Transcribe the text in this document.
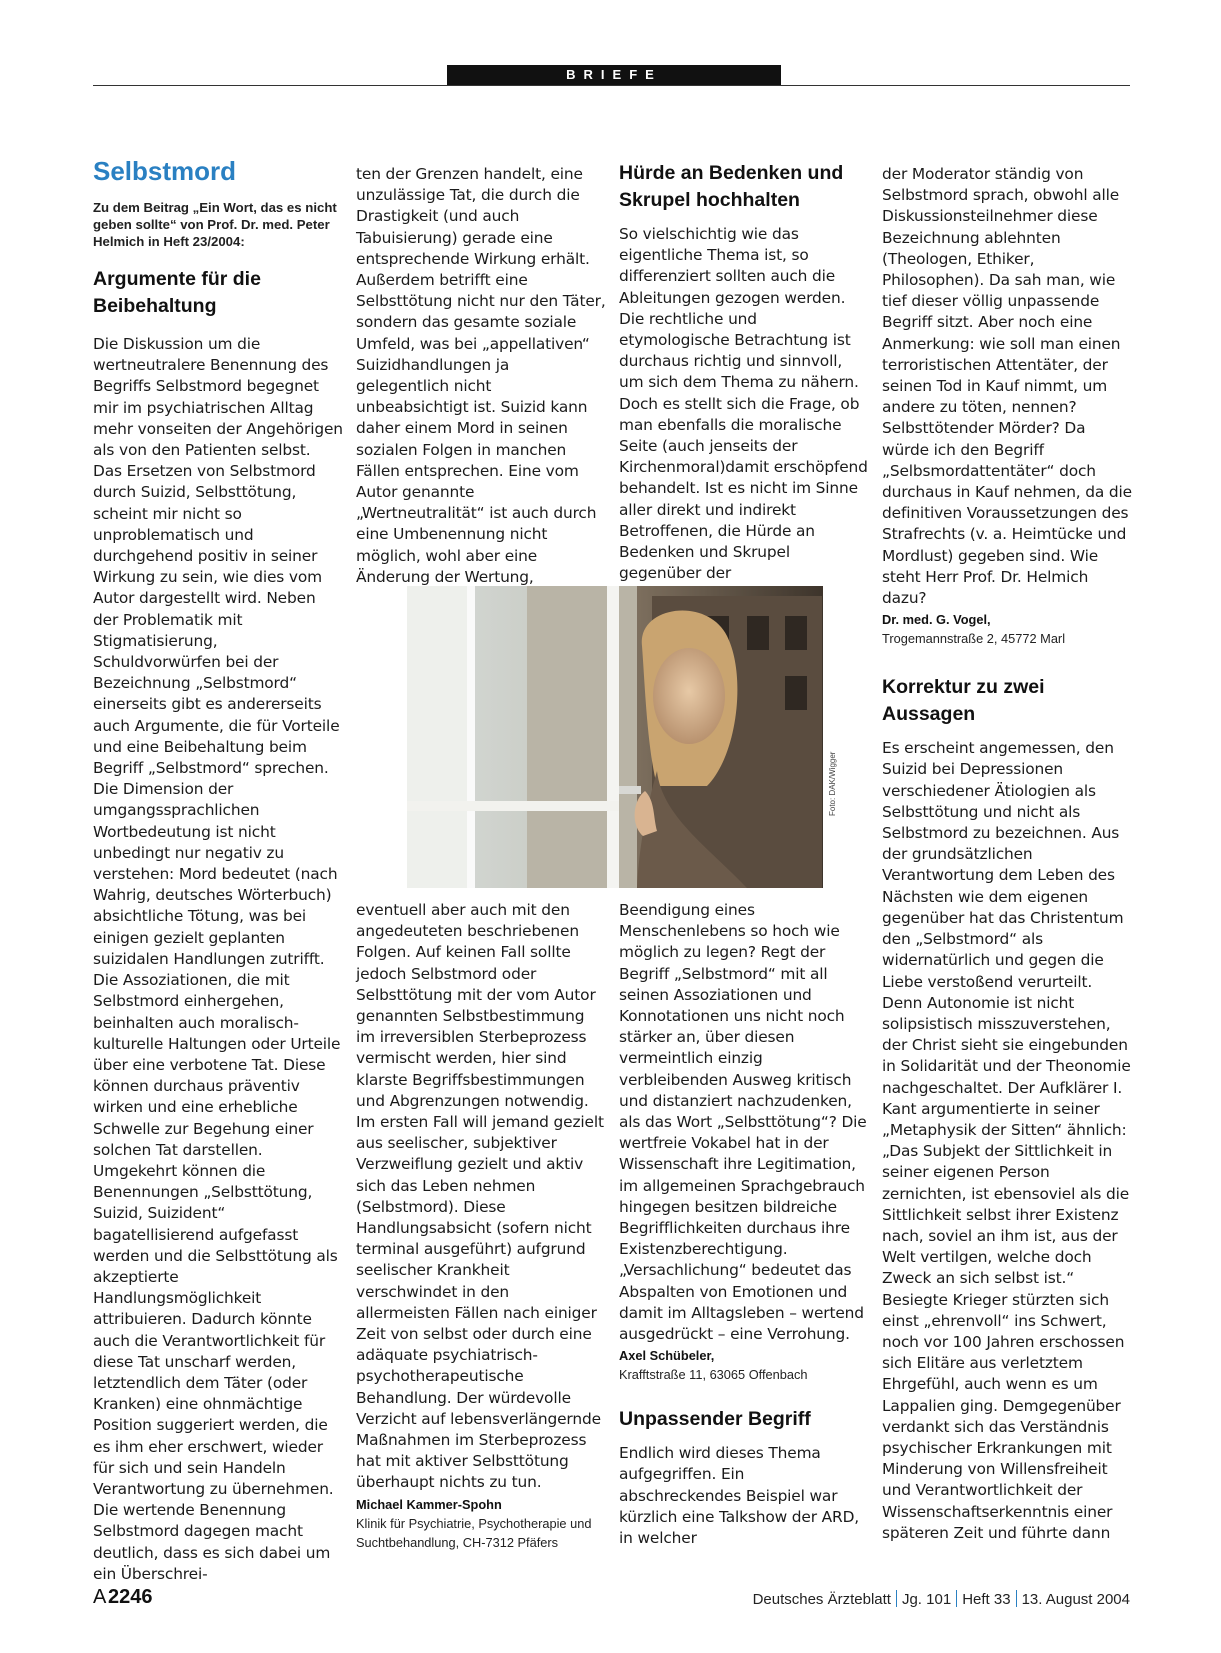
BRIEFE
Selbstmord

Zu dem Beitrag „Ein Wort, das es nicht geben sollte“ von Prof. Dr. med. Peter Helmich in Heft 23/2004:

Argumente für die Beibehaltung

Die Diskussion um die wertneutralere Benennung des Begriffs Selbstmord begegnet mir im psychiatrischen Alltag mehr vonseiten der Angehörigen als von den Patienten selbst. Das Ersetzen von Selbstmord durch Suizid, Selbsttötung, scheint mir nicht so unproblematisch und durchgehend positiv in seiner Wirkung zu sein, wie dies vom Autor dargestellt wird. Neben der Problematik mit Stigmatisierung, Schuldvorwürfen bei der Bezeichnung „Selbstmord“ einerseits gibt es andererseits auch Argumente, die für Vorteile und eine Beibehaltung beim Begriff „Selbstmord“ sprechen. Die Dimension der umgangssprachlichen Wortbedeutung ist nicht unbedingt nur negativ zu verstehen: Mord bedeutet (nach Wahrig, deutsches Wörterbuch) absichtliche Tötung, was bei einigen gezielt geplanten suizidalen Handlungen zutrifft.

Die Assoziationen, die mit Selbstmord einhergehen, beinhalten auch moralisch-kulturelle Haltungen oder Urteile über eine verbotene Tat. Diese können durchaus präventiv wirken und eine erhebliche Schwelle zur Begehung einer solchen Tat darstellen. Umgekehrt können die Benennungen „Selbsttötung, Suizid, Suizident“ bagatellisierend aufgefasst werden und die Selbsttötung als akzeptierte Handlungsmöglichkeit attribuieren. Dadurch könnte auch die Verantwortlichkeit für diese Tat unscharf werden, letztendlich dem Täter (oder Kranken) eine ohnmächtige Position suggeriert werden, die es ihm eher erschwert, wieder für sich und sein Handeln Verantwortung zu übernehmen. Die wertende Benennung Selbstmord dagegen macht deutlich, dass es sich dabei um ein Überschrei-

ten der Grenzen handelt, eine unzulässige Tat, die durch die Drastigkeit (und auch Tabuisierung) gerade eine entsprechende Wirkung erhält. Außerdem betrifft eine Selbsttötung nicht nur den Täter, sondern das gesamte soziale Umfeld, was bei „appellativen“ Suizidhandlungen ja gelegentlich nicht unbeabsichtigt ist. Suizid kann daher einem Mord in seinen sozialen Folgen in manchen Fällen entsprechen. Eine vom Autor genannte „Wertneutralität“ ist auch durch eine Umbenennung nicht möglich, wohl aber eine Änderung der Wertung,

eventuell aber auch mit den angedeuteten beschriebenen Folgen. Auf keinen Fall sollte jedoch Selbstmord oder Selbsttötung mit der vom Autor genannten Selbstbestimmung im irreversiblen Sterbeprozess vermischt werden, hier sind klarste Begriffsbestimmungen und Abgrenzungen notwendig. Im ersten Fall will jemand gezielt aus seelischer, subjektiver Verzweiflung gezielt und aktiv sich das Leben nehmen (Selbstmord). Diese Handlungsabsicht (sofern nicht terminal ausgeführt) aufgrund seelischer Krankheit verschwindet in den allermeisten Fällen nach einiger Zeit von selbst oder durch eine adäquate psychiatrisch-psychotherapeutische Behandlung. Der würdevolle Verzicht auf lebensverlängernde Maßnahmen im Sterbeprozess hat mit aktiver Selbsttötung überhaupt nichts zu tun.

Michael Kammer-Spohn

Klinik für Psychiatrie, Psychotherapie und Suchtbehandlung, CH-7312 Pfäfers

Hürde an Bedenken und Skrupel hochhalten

So vielschichtig wie das eigentliche Thema ist, so differenziert sollten auch die Ableitungen gezogen werden. Die rechtliche und etymologische Betrachtung ist durchaus richtig und sinnvoll, um sich dem Thema zu nähern. Doch es stellt sich die Frage, ob man ebenfalls die moralische Seite (auch jenseits der Kirchenmoral)damit erschöpfend behandelt. Ist es nicht im Sinne aller direkt und indirekt Betroffenen, die Hürde an Bedenken und Skrupel gegenüber der

Beendigung eines Menschenlebens so hoch wie möglich zu legen? Regt der Begriff „Selbstmord“ mit all seinen Assoziationen und Konnotationen uns nicht noch stärker an, über diesen vermeintlich einzig verbleibenden Ausweg kritisch und distanziert nachzudenken, als das Wort „Selbsttötung“? Die wertfreie Vokabel hat in der Wissenschaft ihre Legitimation, im allgemeinen Sprachgebrauch hingegen besitzen bildreiche Begrifflichkeiten durchaus ihre Existenzberechtigung. „Versachlichung“ bedeutet das Abspalten von Emotionen und damit im Alltagsleben – wertend ausgedrückt – eine Verrohung.

Axel Schübeler,

Krafftstraße 11, 63065 Offenbach

Unpassender Begriff

Endlich wird dieses Thema aufgegriffen. Ein abschreckendes Beispiel war kürzlich eine Talkshow der ARD, in welcher

der Moderator ständig von Selbstmord sprach, obwohl alle Diskussionsteilnehmer diese Bezeichnung ablehnten (Theologen, Ethiker, Philosophen). Da sah man, wie tief dieser völlig unpassende Begriff sitzt. Aber noch eine Anmerkung: wie soll man einen terroristischen Attentäter, der seinen Tod in Kauf nimmt, um andere zu töten, nennen? Selbsttötender Mörder? Da würde ich den Begriff „Selbsmordattentäter“ doch durchaus in Kauf nehmen, da die definitiven Voraussetzungen des Strafrechts (v. a. Heimtücke und Mordlust) gegeben sind. Wie steht Herr Prof. Dr. Helmich dazu?

Dr. med. G. Vogel,

Trogemannstraße 2, 45772 Marl

Korrektur zu zwei Aussagen

Es erscheint angemessen, den Suizid bei Depressionen verschiedener Ätiologien als Selbsttötung und nicht als Selbstmord zu bezeichnen. Aus der grundsätzlichen Verantwortung dem Leben des Nächsten wie dem eigenen gegenüber hat das Christentum den „Selbstmord“ als widernatürlich und gegen die Liebe verstoßend verurteilt. Denn Autonomie ist nicht solipsistisch misszuverstehen, der Christ sieht sie eingebunden in Solidarität und der Theonomie nachgeschaltet. Der Aufklärer I. Kant argumentierte in seiner „Metaphysik der Sitten“ ähnlich: „Das Subjekt der Sittlichkeit in seiner eigenen Person zernichten, ist ebensoviel als die Sittlichkeit selbst ihrer Existenz nach, soviel an ihm ist, aus der Welt vertilgen, welche doch Zweck an sich selbst ist.“ Besiegte Krieger stürzten sich einst „ehrenvoll“ ins Schwert, noch vor 100 Jahren erschossen sich Elitäre aus verletztem Ehrgefühl, auch wenn es um Lappalien ging. Demgegenüber verdankt sich das Verständnis psychischer Erkrankungen mit Minderung von Willensfreiheit und Verantwortlichkeit der Wissenschaftserkenntnis einer späteren Zeit und führte dann

Foto: DAK/Wigger
A 2246	Deutsches Ärzteblatt Jg. 101 Heft 33 13. August 2004
